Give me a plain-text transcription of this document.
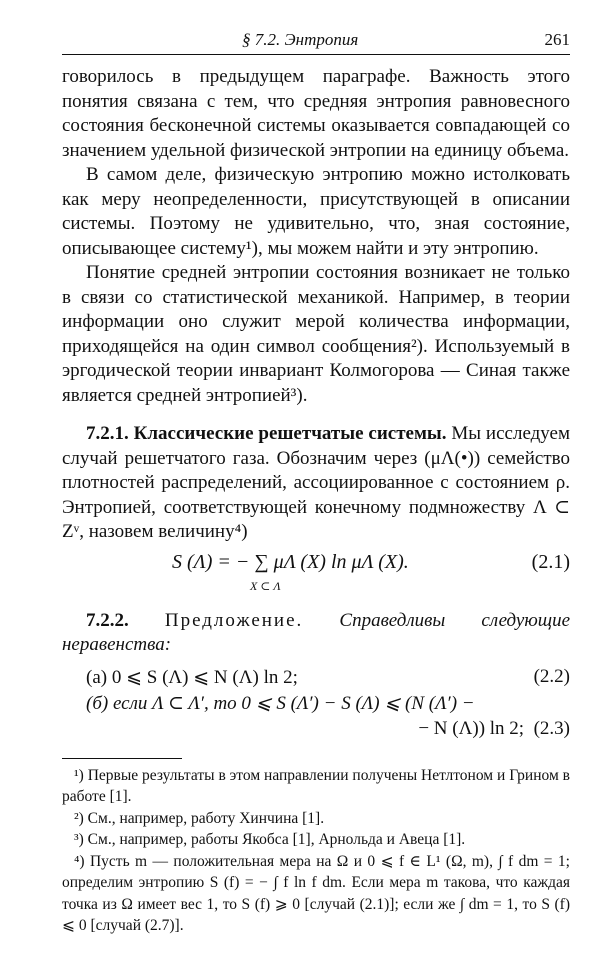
§ 7.2. Энтропия	261

говорилось в предыдущем параграфе. Важность этого понятия связана с тем, что средняя энтропия равновесного состояния бесконечной системы оказывается совпадающей со значением удельной физической энтропии на единицу объема.

В самом деле, физическую энтропию можно истолковать как меру неопределенности, присутствующей в описании системы. Поэтому не удивительно, что, зная состояние, описывающее систему¹), мы можем найти и эту энтропию.

Понятие средней энтропии состояния возникает не только в связи со статистической механикой. Например, в теории информации оно служит мерой количества информации, приходящейся на один символ сообщения²). Используемый в эргодической теории инвариант Колмогорова — Синая также является средней энтропией³).

7.2.1. Классические решетчатые системы. Мы исследуем случай решетчатого газа. Обозначим через (μΛ(•)) семейство плотностей распределений, ассоциированное с состоянием ρ. Энтропией, соответствующей конечному подмножеству Λ ⊂ Zᵛ, назовем величину⁴)

S (Λ) = − ∑ μΛ (X) ln μΛ (X).
X ⊂ Λ
(2.1)

7.2.2. Предложение. Справедливы следующие неравенства:

(а) 0 ⩽ S (Λ) ⩽ N (Λ) ln 2;	(2.2)
(б) если Λ ⊂ Λ′, то 0 ⩽ S (Λ′) − S (Λ) ⩽ (N (Λ′) −
− N (Λ)) ln 2; (2.3)

¹) Первые результаты в этом направлении получены Нетлтоном и Грином в работе [1].

²) См., например, работу Хинчина [1].

³) См., например, работы Якобса [1], Арнольда и Авеца [1].

⁴) Пусть m — положительная мера на Ω и 0 ⩽ f ∈ L¹ (Ω, m), ∫ f dm = 1; определим энтропию S (f) = − ∫ f ln f dm. Если мера m такова, что каждая точка из Ω имеет вес 1, то S (f) ⩾ 0 [случай (2.1)]; если же ∫ dm = 1, то S (f) ⩽ 0 [случай (2.7)].
